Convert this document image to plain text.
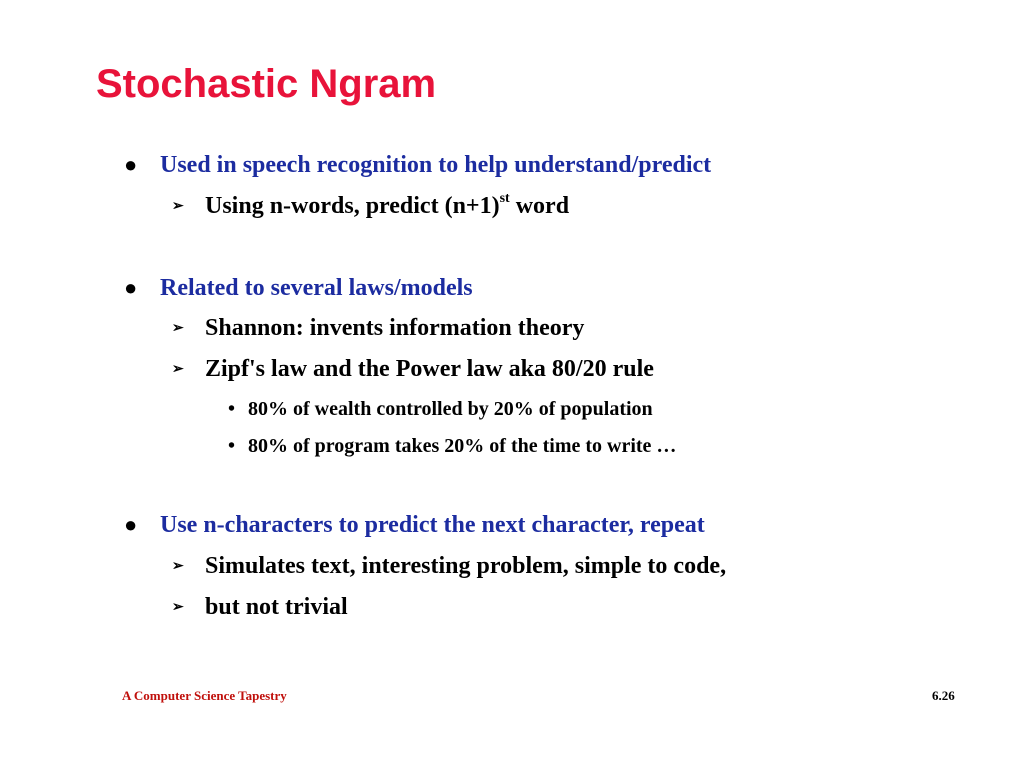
Stochastic Ngram
● Used in speech recognition to help understand/predict
➢ Using n-words, predict $(n+1)^{st}$ word
● Related to several laws/models
➢ Shannon: invents information theory
➢ Zipf's law and the Power law aka 80/20 rule
• 80% of wealth controlled by 20% of population
• 80% of program takes 20% of the time to write …
● Use n-characters to predict the next character, repeat
➢ Simulates text, interesting problem, simple to code,
➢ but not trivial
A Computer Science Tapestry	6.26
